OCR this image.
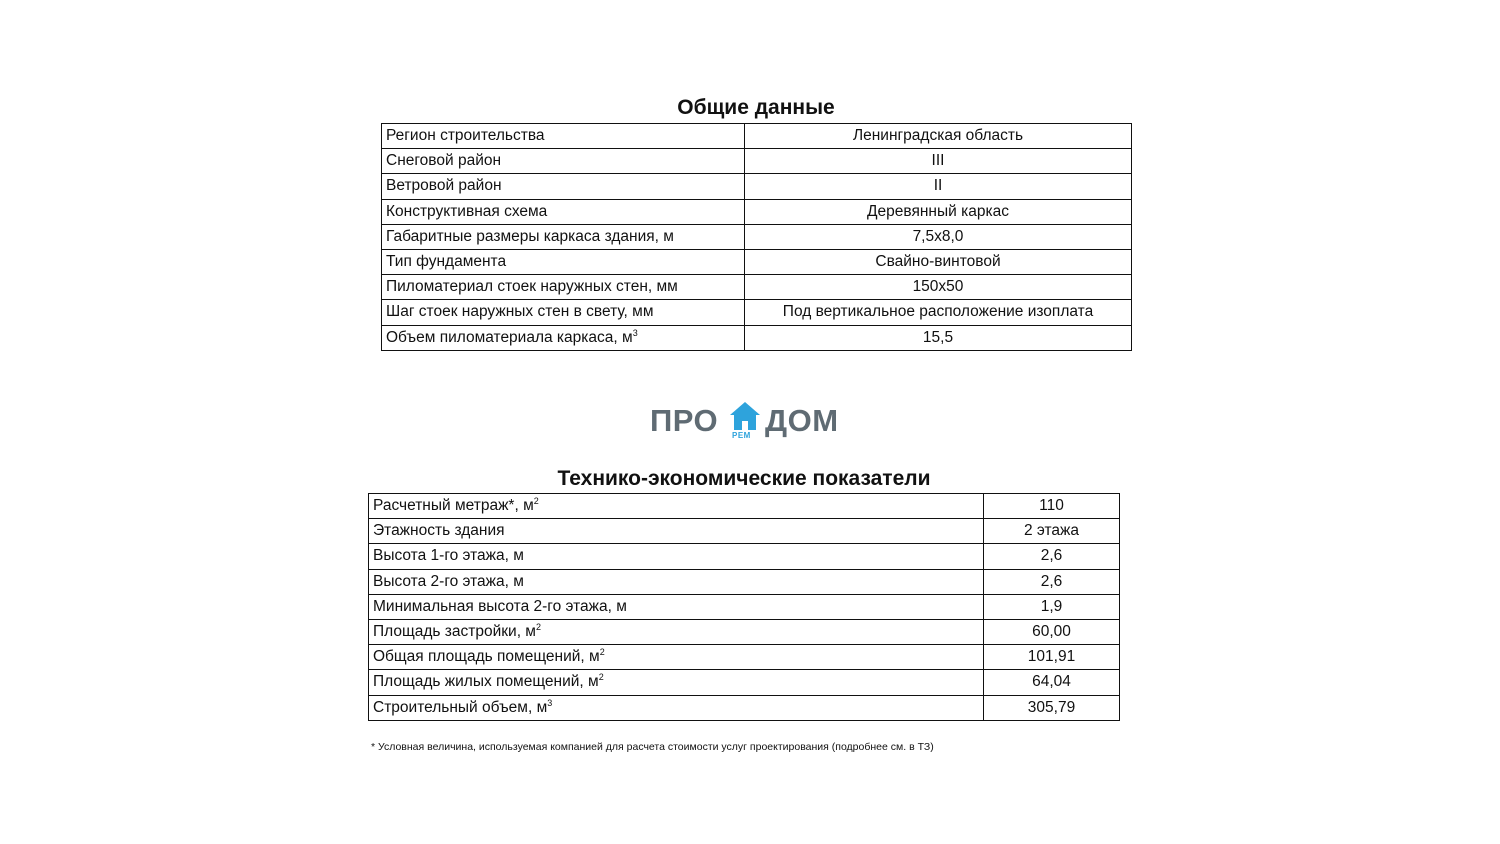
Общие данные
Регион строительства	Ленинградская область
Снеговой район	III
Ветровой район	II
Конструктивная схема	Деревянный каркас
Габаритные размеры каркаса здания, м	7,5х8,0
Тип фундамента	Свайно-винтовой
Пиломатериал стоек наружных стен, мм	150х50
Шаг стоек наружных стен в свету, мм	Под вертикальное расположение изоплата
Объем пиломатериала каркаса, $м^3$	15,5
ПРО РЕМ ДОМ
Технико-экономические показатели
Расчетный метраж*, $м^2$	110
Этажность здания	2 этажа
Высота 1-го этажа, м	2,6
Высота 2-го этажа, м	2,6
Минимальная высота 2-го этажа, м	1,9
Площадь застройки, $м^2$	60,00
Общая площадь помещений, $м^2$	101,91
Площадь жилых помещений, $м^2$	64,04
Строительный объем, $м^3$	305,79
* Условная величина, используемая компанией для расчета стоимости услуг проектирования (подробнее см. в ТЗ)
